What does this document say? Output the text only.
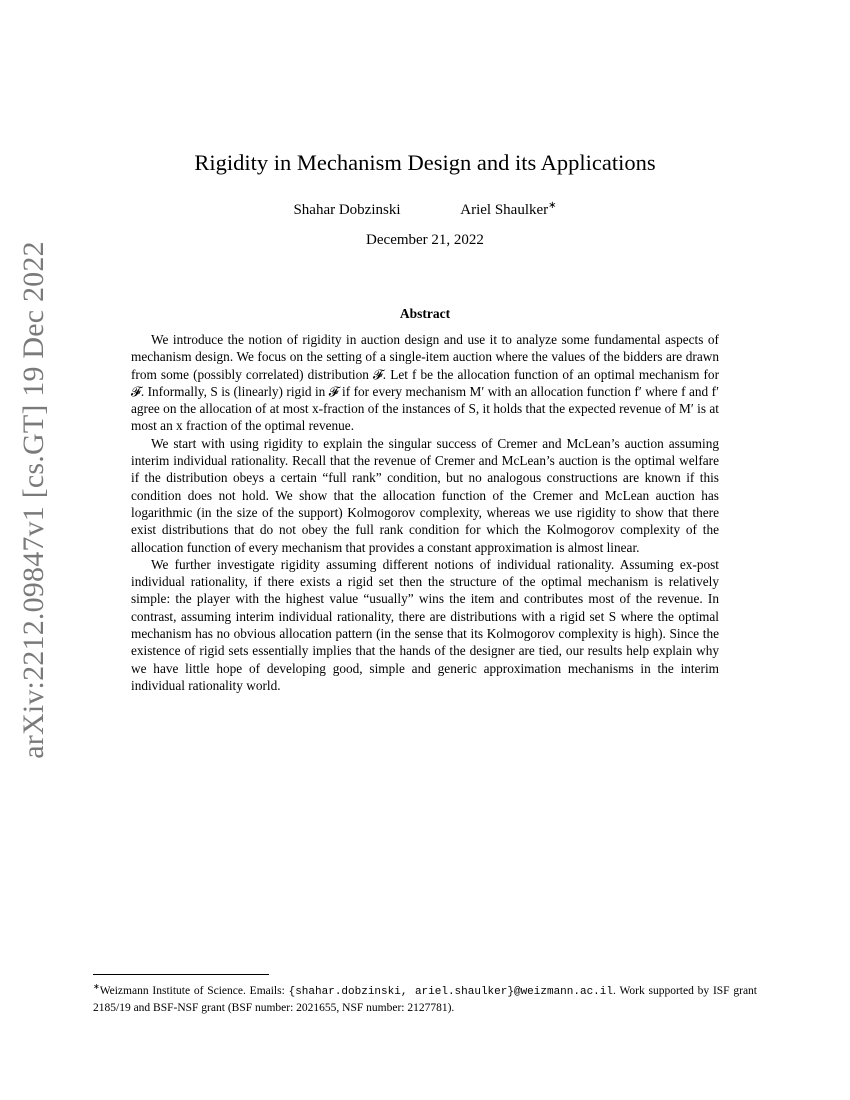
arXiv:2212.09847v1 [cs.GT] 19 Dec 2022
Rigidity in Mechanism Design and its Applications
Shahar Dobzinski	Ariel Shaulker∗
December 21, 2022
Abstract

We introduce the notion of rigidity in auction design and use it to analyze some fundamental aspects of mechanism design. We focus on the setting of a single-item auction where the values of the bidders are drawn from some (possibly correlated) distribution 𝓕. Let f be the allocation function of an optimal mechanism for 𝓕. Informally, S is (linearly) rigid in 𝓕 if for every mechanism M′ with an allocation function f′ where f and f′ agree on the allocation of at most x-fraction of the instances of S, it holds that the expected revenue of M′ is at most an x fraction of the optimal revenue.

We start with using rigidity to explain the singular success of Cremer and McLean’s auction assuming interim individual rationality. Recall that the revenue of Cremer and McLean’s auction is the optimal welfare if the distribution obeys a certain “full rank” condition, but no analogous constructions are known if this condition does not hold. We show that the allocation function of the Cremer and McLean auction has logarithmic (in the size of the support) Kolmogorov complexity, whereas we use rigidity to show that there exist distributions that do not obey the full rank condition for which the Kolmogorov complexity of the allocation function of every mechanism that provides a constant approximation is almost linear.

We further investigate rigidity assuming different notions of individual rationality. Assuming ex-post individual rationality, if there exists a rigid set then the structure of the optimal mechanism is relatively simple: the player with the highest value “usually” wins the item and contributes most of the revenue. In contrast, assuming interim individual rationality, there are distributions with a rigid set S where the optimal mechanism has no obvious allocation pattern (in the sense that its Kolmogorov complexity is high). Since the existence of rigid sets essentially implies that the hands of the designer are tied, our results help explain why we have little hope of developing good, simple and generic approximation mechanisms in the interim individual rationality world.

∗Weizmann Institute of Science. Emails: {shahar.dobzinski, ariel.shaulker}@weizmann.ac.il. Work supported by ISF grant 2185/19 and BSF-NSF grant (BSF number: 2021655, NSF number: 2127781).
